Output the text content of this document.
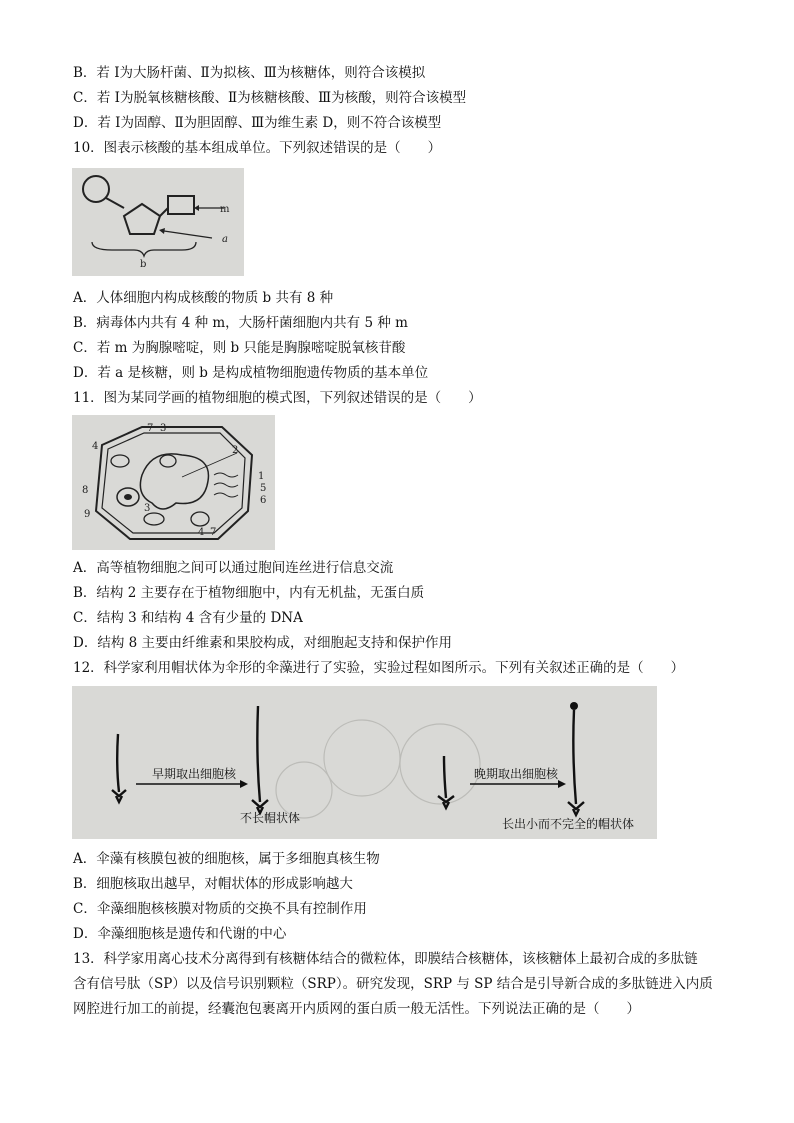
B．若 Ⅰ为大肠杆菌、Ⅱ为拟核、Ⅲ为核糖体，则符合该模拟
C．若 Ⅰ为脱氧核糖核酸、Ⅱ为核糖核酸、Ⅲ为核酸，则符合该模型
D．若 Ⅰ为固醇、Ⅱ为胆固醇、Ⅲ为维生素 D，则不符合该模型
10．图表示核酸的基本组成单位。下列叙述错误的是（　　）
m
a
b
A．人体细胞内构成核酸的物质 b 共有 8 种
B．病毒体内共有 4 种 m，大肠杆菌细胞内共有 5 种 m
C．若 m 为胸腺嘧啶，则 b 只能是胸腺嘧啶脱氧核苷酸
D．若 a 是核糖，则 b 是构成植物细胞遗传物质的基本单位
11．图为某同学画的植物细胞的模式图，下列叙述错误的是（　　）
1
2
3
4
5
6
7
8
9
3
7
4
A．高等植物细胞之间可以通过胞间连丝进行信息交流
B．结构 2 主要存在于植物细胞中，内有无机盐，无蛋白质
C．结构 3 和结构 4 含有少量的 DNA
D．结构 8 主要由纤维素和果胶构成，对细胞起支持和保护作用
12．科学家利用帽状体为伞形的伞藻进行了实验，实验过程如图所示。下列有关叙述正确的是（　　）
早期取出细胞核
不长帽状体
晚期取出细胞核
长出小而不完全的帽状体
A．伞藻有核膜包被的细胞核，属于多细胞真核生物
B．细胞核取出越早，对帽状体的形成影响越大
C．伞藻细胞核核膜对物质的交换不具有控制作用
D．伞藻细胞核是遗传和代谢的中心
13．科学家用离心技术分离得到有核糖体结合的微粒体，即膜结合核糖体，该核糖体上最初合成的多肽链
含有信号肽（SP）以及信号识别颗粒（SRP）。研究发现，SRP 与 SP 结合是引导新合成的多肽链进入内质
网腔进行加工的前提，经囊泡包裹离开内质网的蛋白质一般无活性。下列说法正确的是（　　）
